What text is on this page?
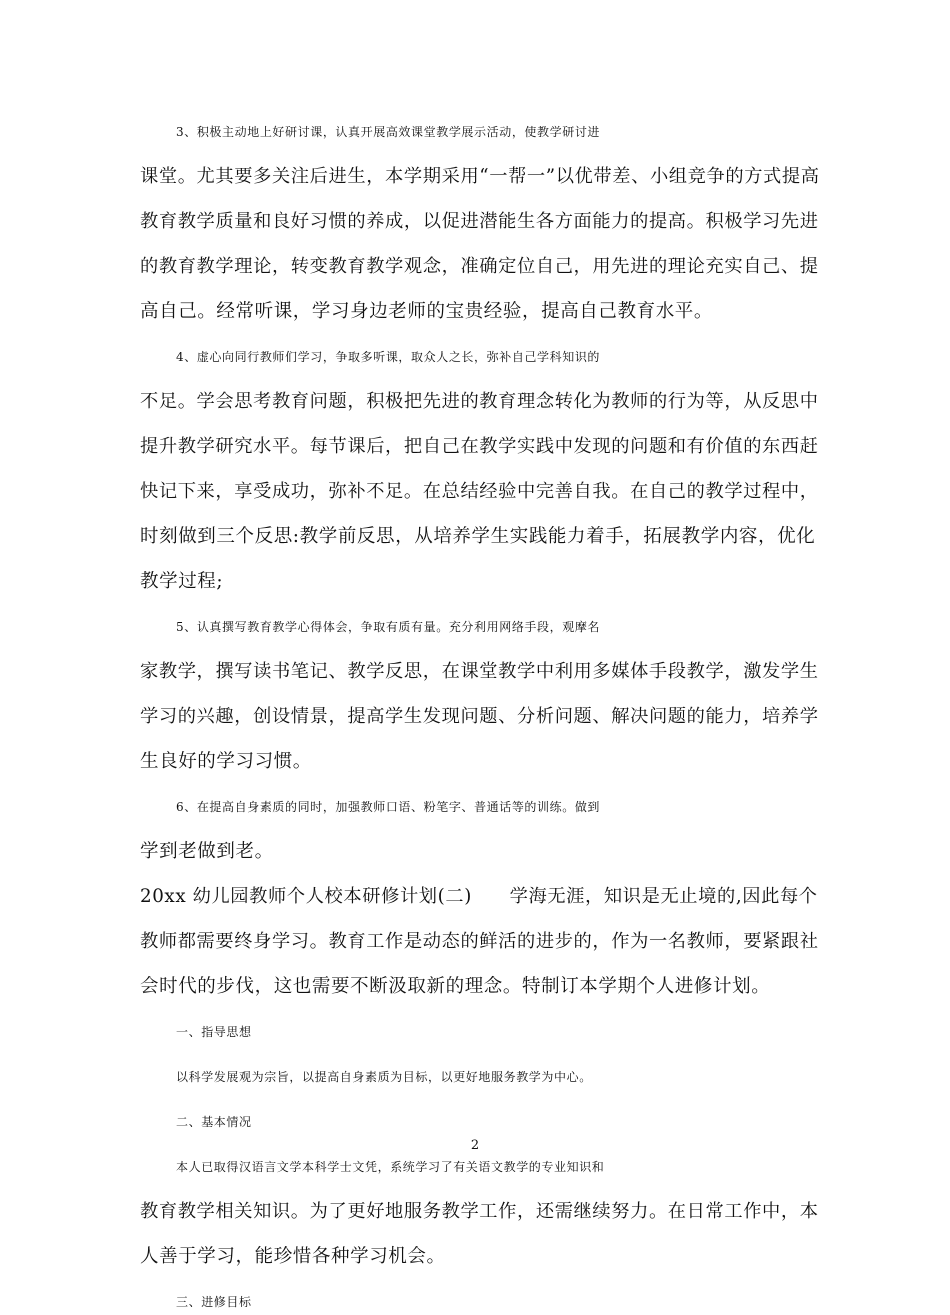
3、积极主动地上好研讨课，认真开展高效课堂教学展示活动，使教学研讨进
课堂。尤其要多关注后进生，本学期采用“一帮一”以优带差、小组竞争的方式提高
教育教学质量和良好习惯的养成，以促进潜能生各方面能力的提高。积极学习先进
的教育教学理论，转变教育教学观念，准确定位自己，用先进的理论充实自己、提
高自己。经常听课，学习身边老师的宝贵经验，提高自己教育水平。
4、虚心向同行教师们学习，争取多听课，取众人之长，弥补自己学科知识的
不足。学会思考教育问题，积极把先进的教育理念转化为教师的行为等，从反思中
提升教学研究水平。每节课后，把自己在教学实践中发现的问题和有价值的东西赶
快记下来，享受成功，弥补不足。在总结经验中完善自我。在自己的教学过程中，
时刻做到三个反思:教学前反思，从培养学生实践能力着手，拓展教学内容，优化
教学过程;
5、认真撰写教育教学心得体会，争取有质有量。充分利用网络手段，观摩名
家教学，撰写读书笔记、教学反思，在课堂教学中利用多媒体手段教学，激发学生
学习的兴趣，创设情景，提高学生发现问题、分析问题、解决问题的能力，培养学
生良好的学习习惯。
6、在提高自身素质的同时，加强教师口语、粉笔字、普通话等的训练。做到
学到老做到老。
20xx 幼儿园教师个人校本研修计划(二)　　学海无涯，知识是无止境的,因此每个
教师都需要终身学习。教育工作是动态的鲜活的进步的，作为一名教师，要紧跟社
会时代的步伐，这也需要不断汲取新的理念。特制订本学期个人进修计划。
一、指导思想
以科学发展观为宗旨，以提高自身素质为目标，以更好地服务教学为中心。
二、基本情况
本人已取得汉语言文学本科学士文凭，系统学习了有关语文教学的专业知识和
教育教学相关知识。为了更好地服务教学工作，还需继续努力。在日常工作中，本
人善于学习，能珍惜各种学习机会。
三、进修目标
2
